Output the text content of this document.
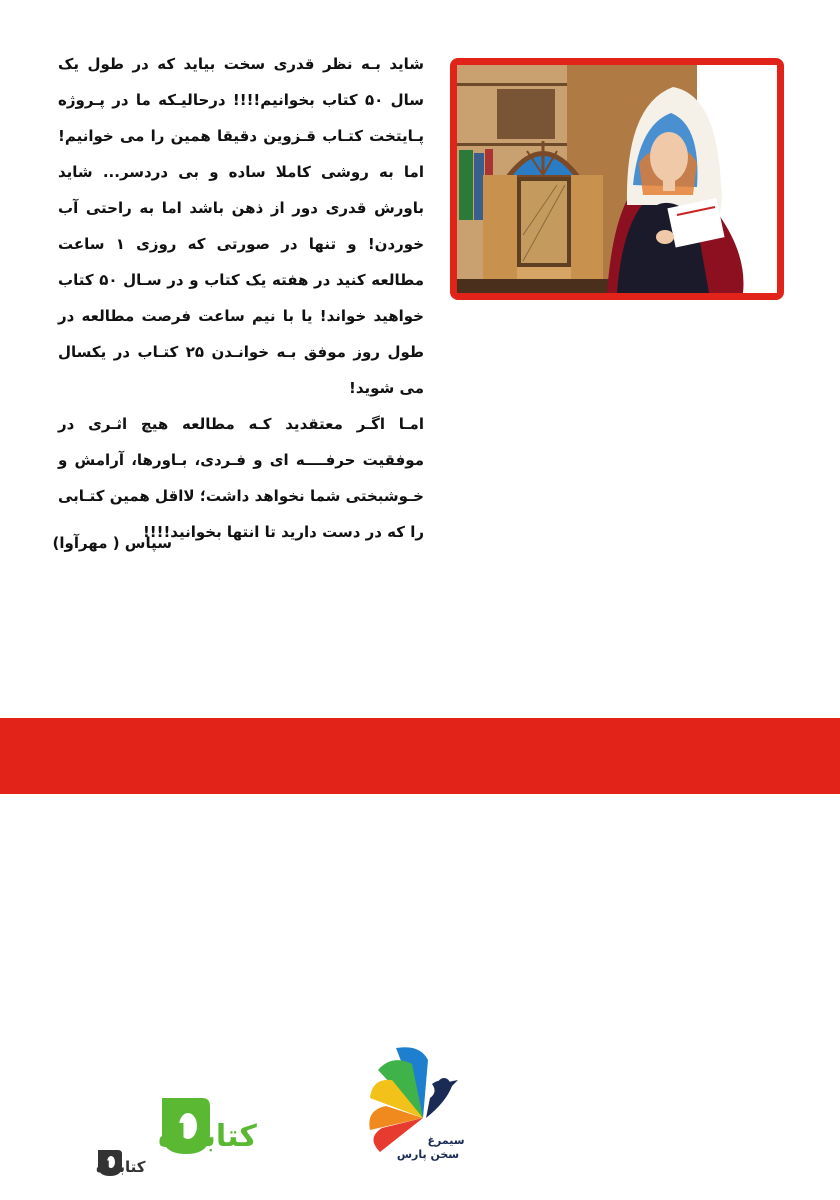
شاید بـه نظر قدری سخت بیاید که در طول یک سال ۵۰ کتاب بخوانیم!!!! درحالیـکه ما در پـروژه پـایتخت کتـاب قـزوین دقیقا همین را می خوانیم! اما به روشی کاملا ساده و بی دردسر... شاید باورش قدری دور از ذهن باشد اما به راحتی آب خوردن! و تنها در صورتی که روزی ۱ ساعت مطالعه کنید در هفته یک کتاب و در سـال ۵۰ کتاب خواهید خواند! یا با نیم ساعت فرصت مطالعه در طول روز موفق بـه خوانـدن ۲۵ کتـاب در یکسال می شوید!

امـا اگـر معتقدید کـه مطالعه هیچ اثـری در موفقیت حرفــــه ای و فـردی، بـاورها، آرامش و خـوشبختی شما نخواهد داشت؛ لااقل همین کتـابی را که در دست دارید تا انتها بخوانید!!!!

سپاس ( مهرآوا)
سیمرغ
سخن پارس
کتابراه
کتابراه
